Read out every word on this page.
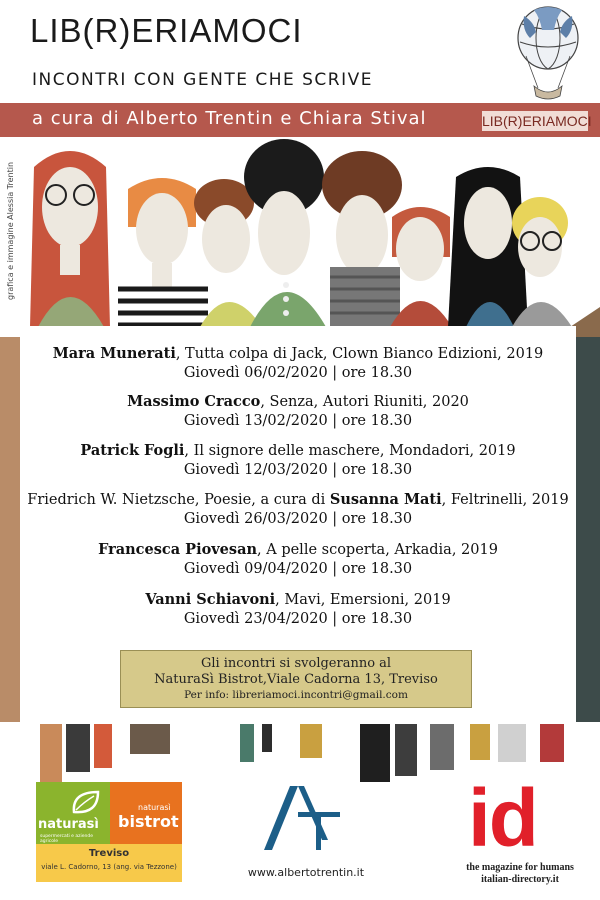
LIB(R)ERIAMOCI
INCONTRI CON GENTE CHE SCRIVE
a cura di Alberto Trentin e Chiara Stival	LIB(R)ERIAMOCI
grafica e immagine Alessia Trentin
Mara Munerati, Tutta colpa di Jack, Clown Bianco Edizioni, 2019
Giovedì 06/02/2020 | ore 18.30
Massimo Cracco, Senza, Autori Riuniti, 2020
Giovedì 13/02/2020 | ore 18.30
Patrick Fogli, Il signore delle maschere, Mondadori, 2019
Giovedì 12/03/2020 | ore 18.30
Friedrich W. Nietzsche, Poesie, a cura di Susanna Mati, Feltrinelli, 2019
Giovedì 26/03/2020 | ore 18.30
Francesca Piovesan, A pelle scoperta, Arkadia, 2019
Giovedì 09/04/2020 | ore 18.30
Vanni Schiavoni, Mavi, Emersioni, 2019
Giovedì 23/04/2020 | ore 18.30
Gli incontri si svolgeranno al
NaturaSì Bistrot,Viale Cadorna 13, Treviso
Per info: libreriamoci.incontri@gmail.com
naturasì
supermercati e aziende agricole
naturasì
bistrot
Treviso
viale L. Cadorno, 13 (ang. via Tezzone)	www.albertotrentin.it
id
the magazine for humans
italian-directory.it
